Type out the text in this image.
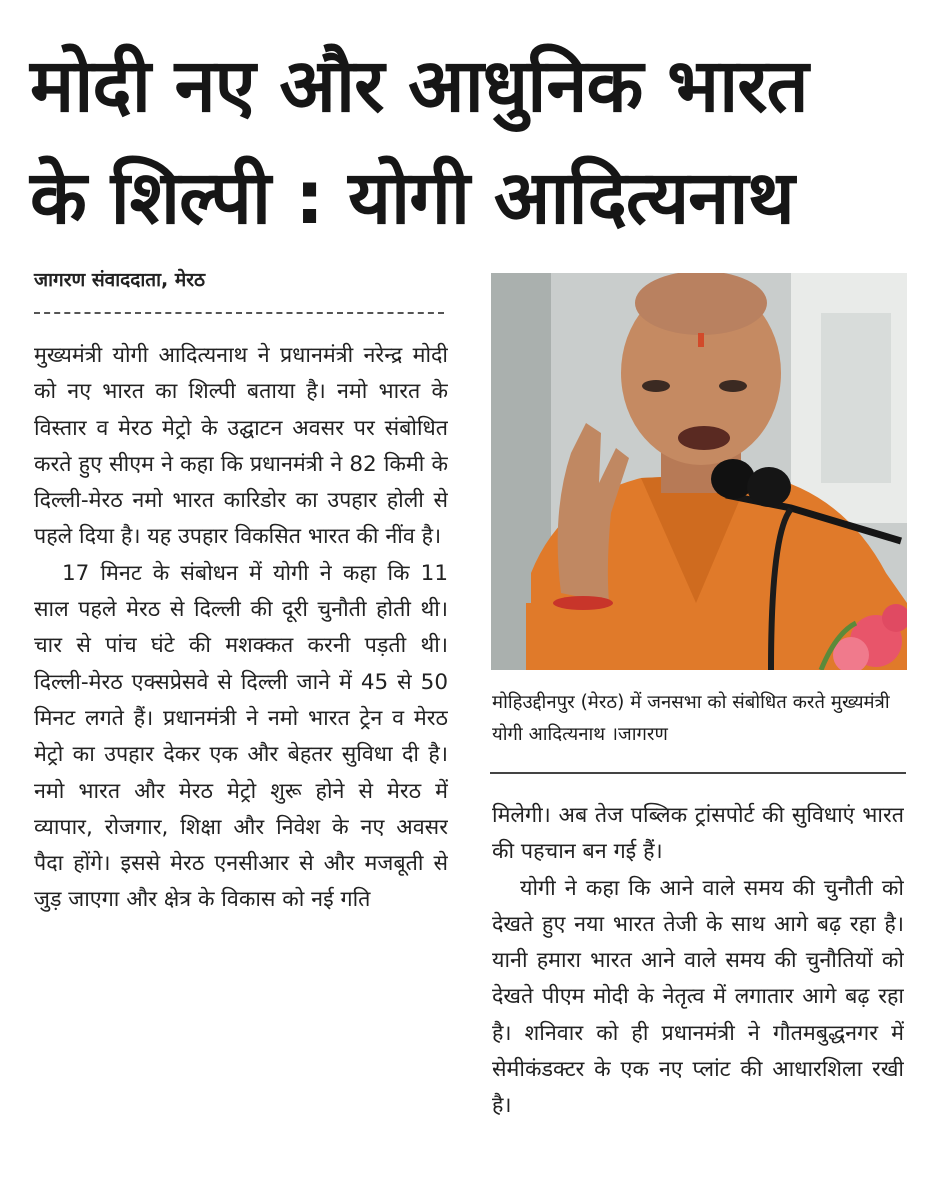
मोदी नए और आधुनिक भारत
के शिल्पी : योगी आदित्यनाथ
जागरण संवाददाता, मेरठ

मुख्यमंत्री योगी आदित्यनाथ ने प्रधानमंत्री नरेन्द्र मोदी को नए भारत का शिल्पी बताया है। नमो भारत के विस्तार व मेरठ मेट्रो के उद्घाटन अवसर पर संबोधित करते हुए सीएम ने कहा कि प्रधानमंत्री ने 82 किमी के दिल्ली-मेरठ नमो भारत कारिडोर का उपहार होली से पहले दिया है। यह उपहार विकसित भारत की नींव है।

17 मिनट के संबोधन में योगी ने कहा कि 11 साल पहले मेरठ से दिल्ली की दूरी चुनौती होती थी। चार से पांच घंटे की मशक्कत करनी पड़ती थी। दिल्ली-मेरठ एक्सप्रेसवे से दिल्ली जाने में 45 से 50 मिनट लगते हैं। प्रधानमंत्री ने नमो भारत ट्रेन व मेरठ मेट्रो का उपहार देकर एक और बेहतर सुविधा दी है। नमो भारत और मेरठ मेट्रो शुरू होने से मेरठ में व्यापार, रोजगार, शिक्षा और निवेश के नए अवसर पैदा होंगे। इससे मेरठ एनसीआर से और मजबूती से जुड़ जाएगा और क्षेत्र के विकास को नई गति

मोहिउद्दीनपुर (मेरठ) में जनसभा को संबोधित करते मुख्यमंत्री योगी आदित्यनाथ ।जागरण

मिलेगी। अब तेज पब्लिक ट्रांसपोर्ट की सुविधाएं भारत की पहचान बन गई हैं।

योगी ने कहा कि आने वाले समय की चुनौती को देखते हुए नया भारत तेजी के साथ आगे बढ़ रहा है। यानी हमारा भारत आने वाले समय की चुनौतियों को देखते पीएम मोदी के नेतृत्व में लगातार आगे बढ़ रहा है। शनिवार को ही प्रधानमंत्री ने गौतमबुद्धनगर में सेमीकंडक्टर के एक नए प्लांट की आधारशिला रखी है।
